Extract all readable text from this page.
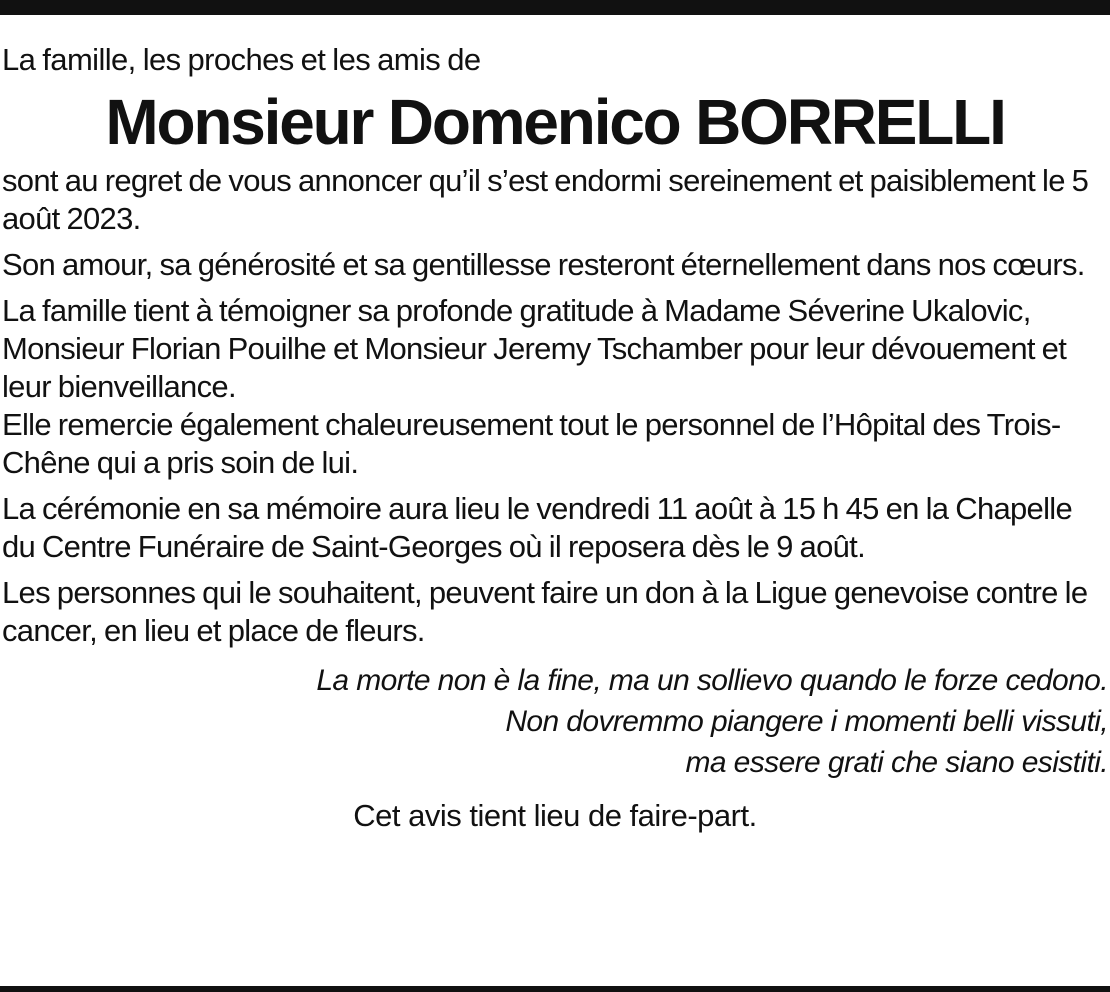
La famille, les proches et les amis de

Monsieur Domenico BORRELLI

sont au regret de vous annoncer qu’il s’est endormi sereinement et paisiblement le 5 août 2023.

Son amour, sa générosité et sa gentillesse resteront éternellement dans nos cœurs.

La famille tient à témoigner sa profonde gratitude à Madame Séverine Ukalovic, Monsieur Florian Pouilhe et Monsieur Jeremy Tschamber pour leur dévouement et leur bienveillance.

Elle remercie également chaleureusement tout le personnel de l’Hôpital des Trois-Chêne qui a pris soin de lui.

La cérémonie en sa mémoire aura lieu le vendredi 11 août à 15 h 45 en la Chapelle du Centre Funéraire de Saint-Georges où il reposera dès le 9 août.

Les personnes qui le souhaitent, peuvent faire un don à la Ligue genevoise contre le cancer, en lieu et place de fleurs.

La morte non è la fine, ma un sollievo quando le forze cedono.
Non dovremmo piangere i momenti belli vissuti,
ma essere grati che siano esistiti.

Cet avis tient lieu de faire-part.
